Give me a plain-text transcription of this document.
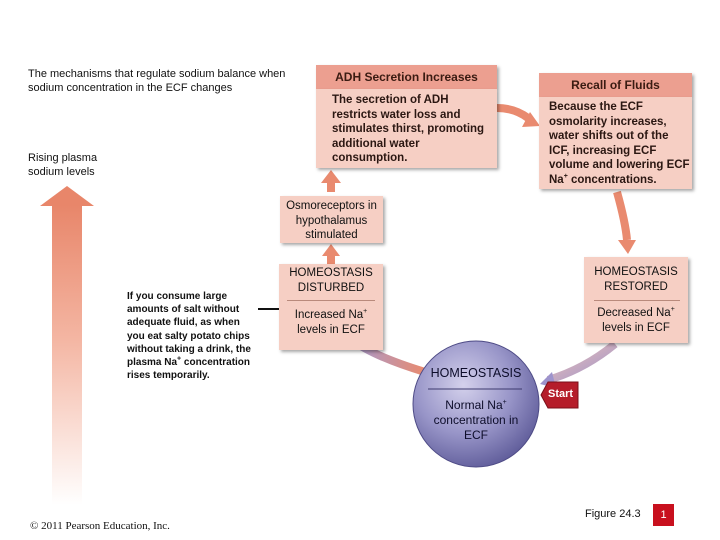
The mechanisms that regulate sodium balance when sodium concentration in the ECF changes
Rising plasma sodium levels
ADH Secretion Increases
The secretion of ADH restricts water loss and stimulates thirst, promoting additional water consumption.
Recall of Fluids
Because the ECF osmolarity increases, water shifts out of the ICF, increasing ECF volume and lowering ECF Na+ concentrations.
Osmoreceptors in hypothalamus stimulated
HOMEOSTASIS DISTURBED
Increased Na+ levels in ECF
HOMEOSTASIS RESTORED
Decreased Na+ levels in ECF
If you consume large amounts of salt without adequate fluid, as when you eat salty potato chips without taking a drink, the plasma Na+ concentration rises temporarily.	HOMEOSTASIS
Normal Na+ concentration in ECF
Start
© 2011 Pearson Education, Inc.
Figure 24.3 1
